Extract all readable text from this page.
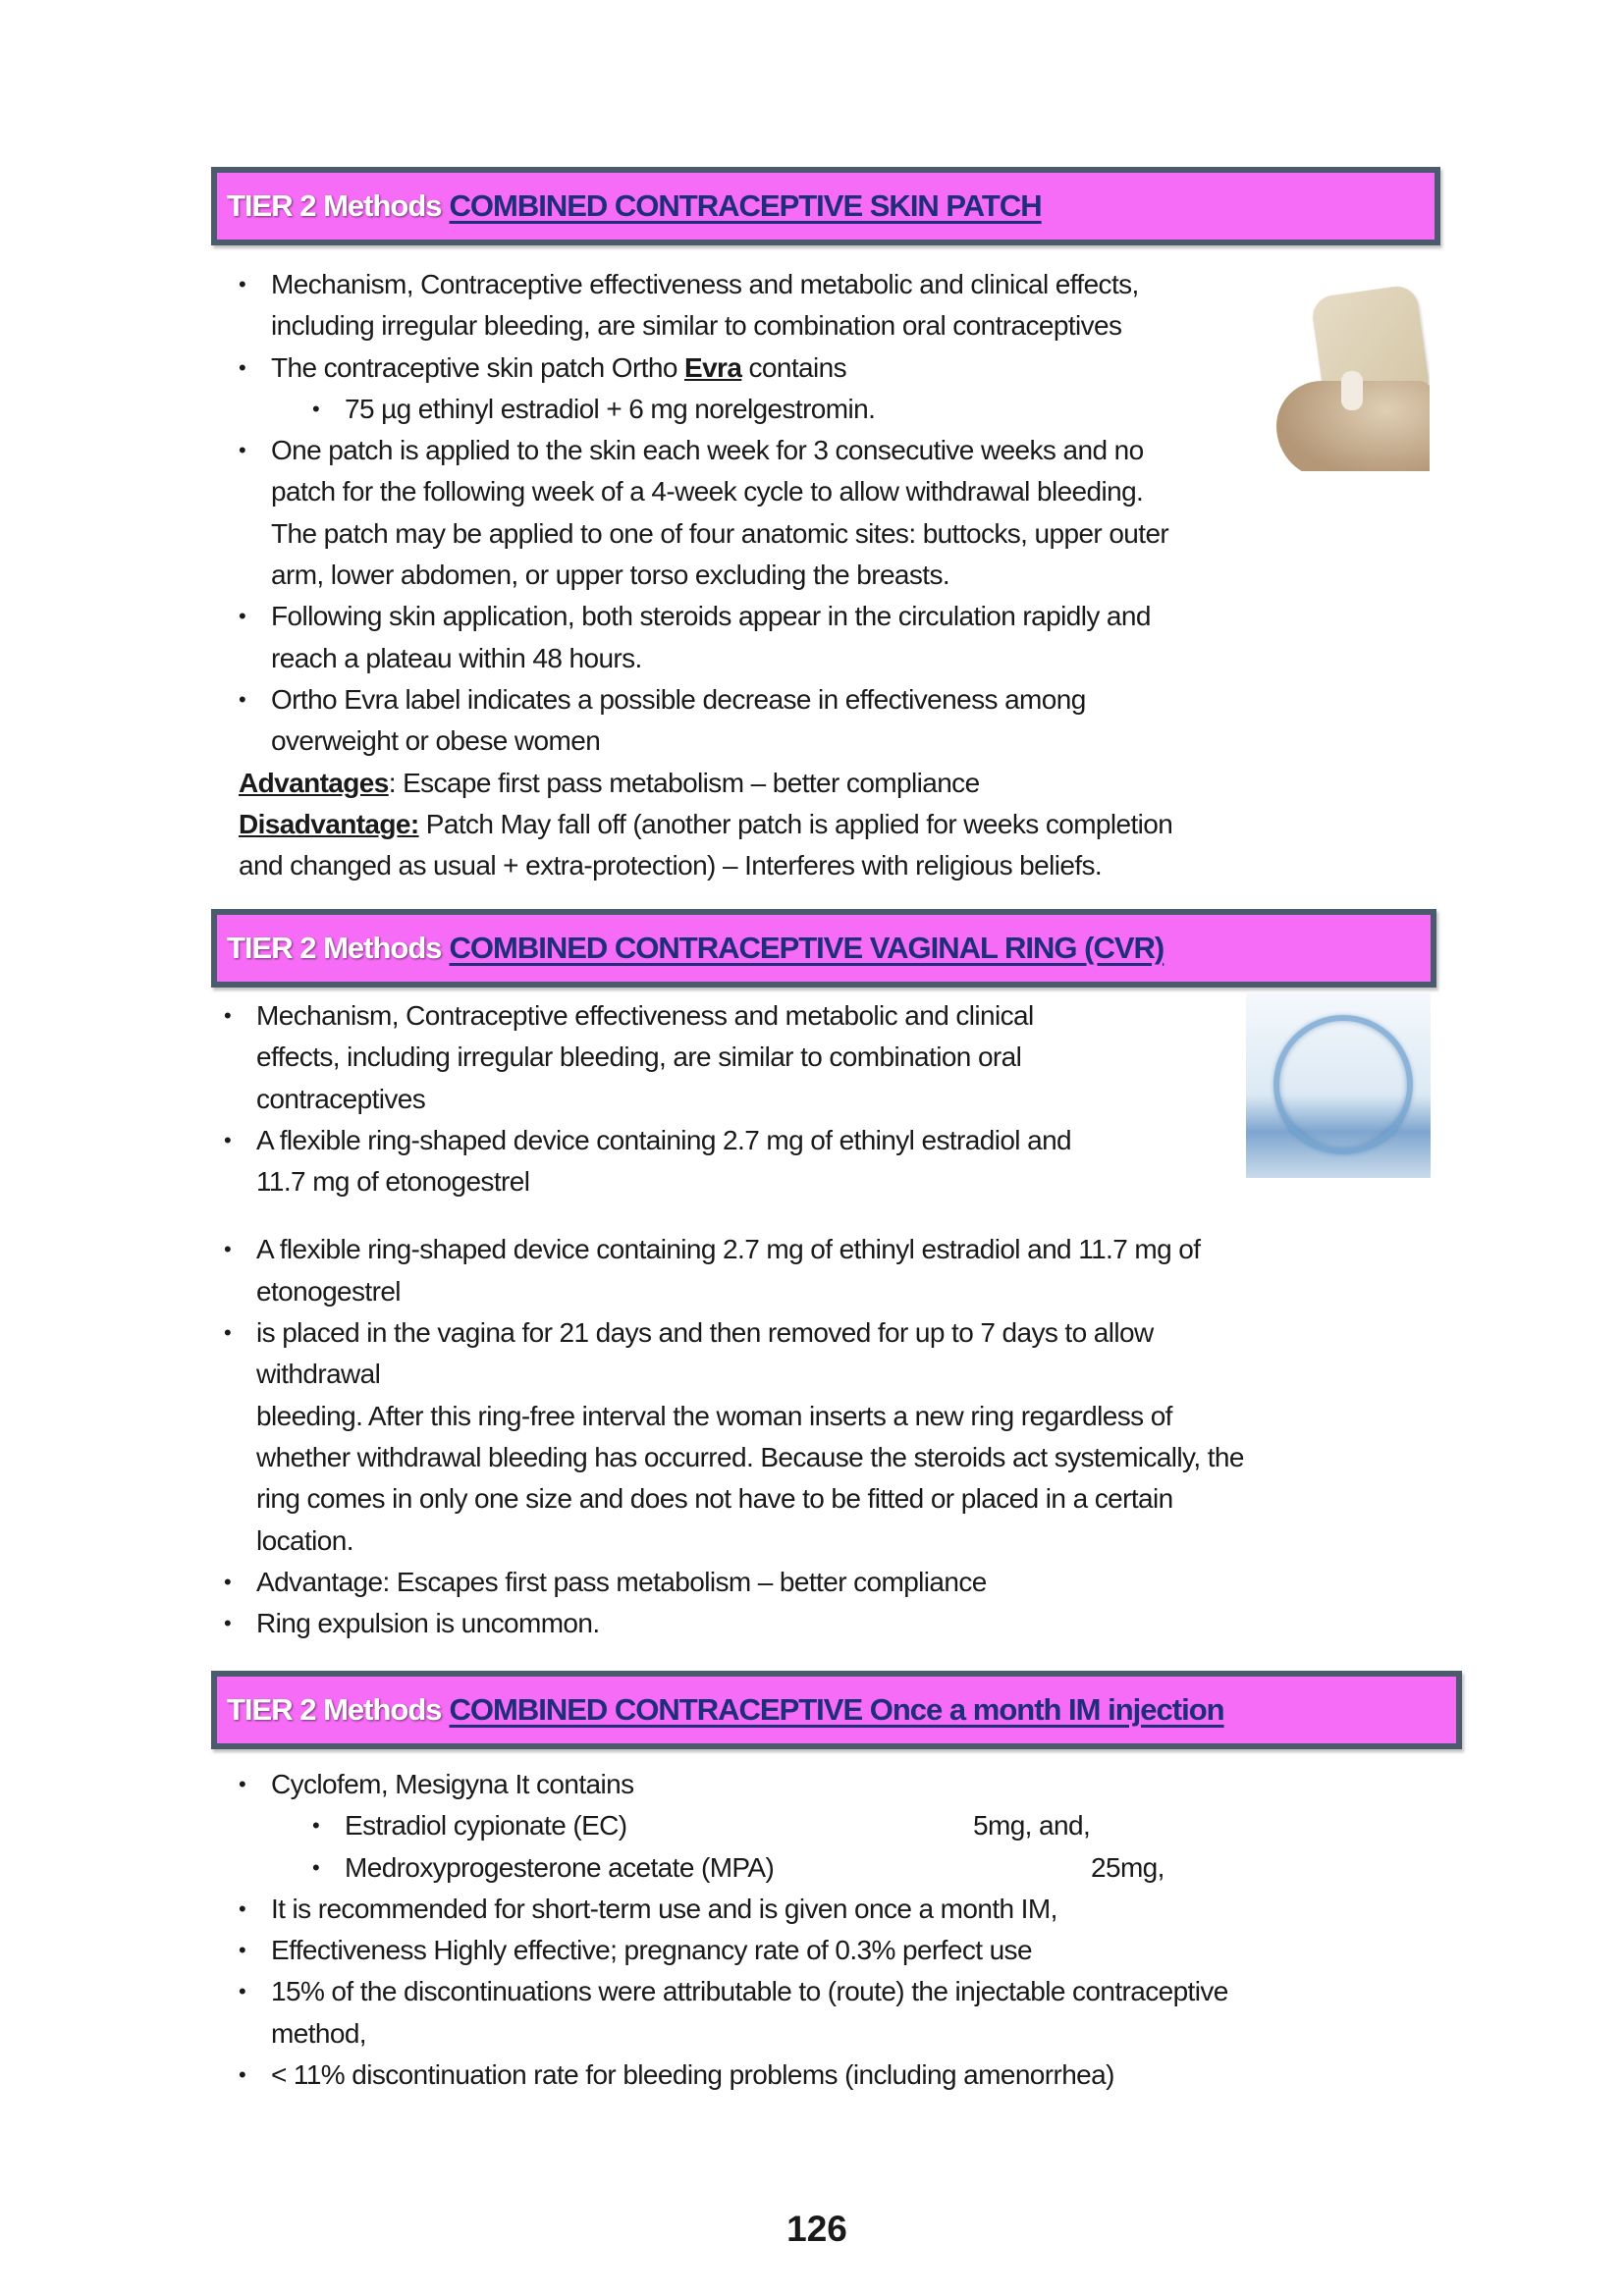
TIER 2 Methods COMBINED CONTRACEPTIVE SKIN PATCH
• Mechanism, Contraceptive effectiveness and metabolic and clinical effects,
including irregular bleeding, are similar to combination oral contraceptives
• The contraceptive skin patch Ortho Evra contains
• 75 µg ethinyl estradiol + 6 mg norelgestromin.
• One patch is applied to the skin each week for 3 consecutive weeks and no
patch for the following week of a 4-week cycle to allow withdrawal bleeding.
The patch may be applied to one of four anatomic sites: buttocks, upper outer
arm, lower abdomen, or upper torso excluding the breasts.
• Following skin application, both steroids appear in the circulation rapidly and
reach a plateau within 48 hours.
• Ortho Evra label indicates a possible decrease in effectiveness among
overweight or obese women
Advantages: Escape first pass metabolism – better compliance
Disadvantage: Patch May fall off (another patch is applied for weeks completion
and changed as usual + extra-protection) – Interferes with religious beliefs.
TIER 2 Methods COMBINED CONTRACEPTIVE VAGINAL RING (CVR)
• Mechanism, Contraceptive effectiveness and metabolic and clinical
effects, including irregular bleeding, are similar to combination oral
contraceptives
• A flexible ring-shaped device containing 2.7 mg of ethinyl estradiol and
11.7 mg of etonogestrel
• A flexible ring-shaped device containing 2.7 mg of ethinyl estradiol and 11.7 mg of
etonogestrel
• is placed in the vagina for 21 days and then removed for up to 7 days to allow
withdrawal
bleeding. After this ring-free interval the woman inserts a new ring regardless of
whether withdrawal bleeding has occurred. Because the steroids act systemically, the
ring comes in only one size and does not have to be fitted or placed in a certain
location.
• Advantage: Escapes first pass metabolism – better compliance
• Ring expulsion is uncommon.
TIER 2 Methods COMBINED CONTRACEPTIVE Once a month IM injection
• Cyclofem, Mesigyna It contains
• Estradiol cypionate (EC)	5mg, and,
• Medroxyprogesterone acetate (MPA)	25mg,
• It is recommended for short-term use and is given once a month IM,
• Effectiveness Highly effective; pregnancy rate of 0.3% perfect use
• 15% of the discontinuations were attributable to (route) the injectable contraceptive
method,
• < 11% discontinuation rate for bleeding problems (including amenorrhea)
126
